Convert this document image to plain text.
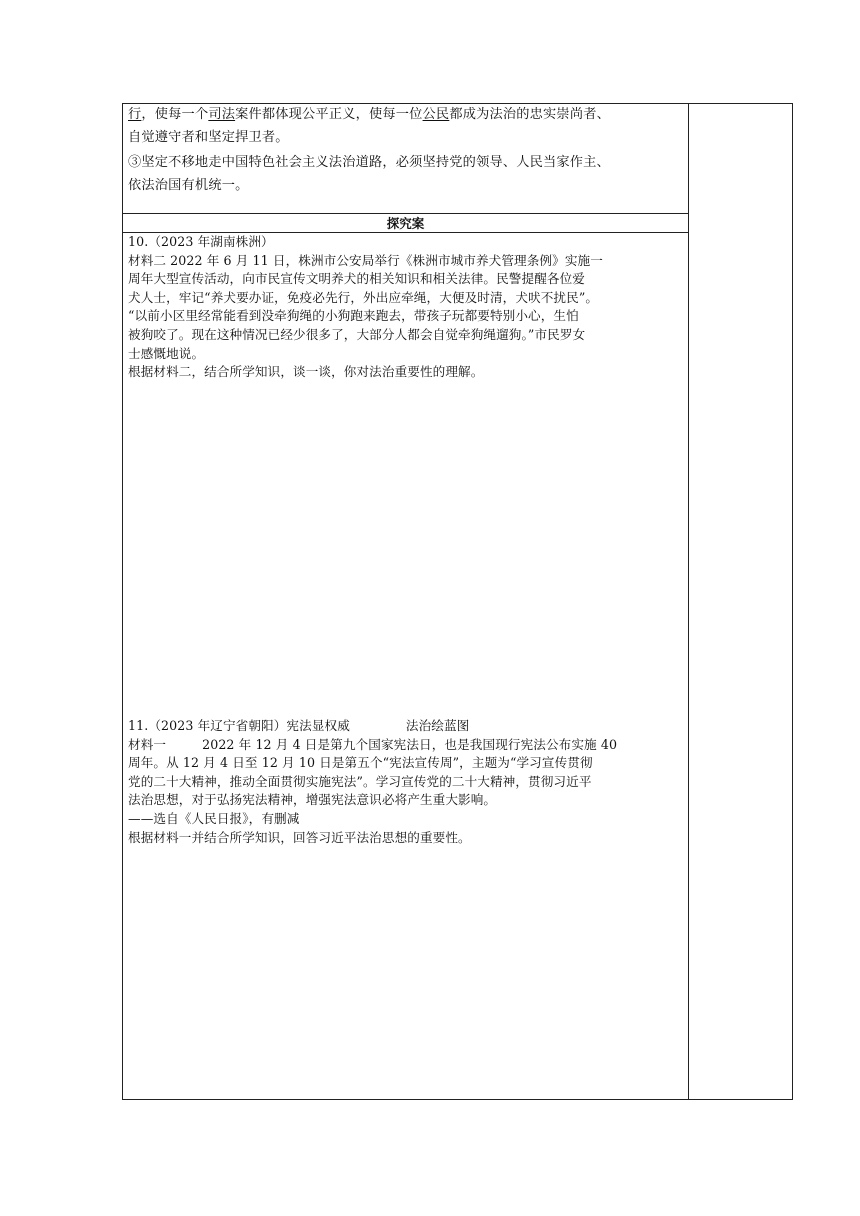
行，使每一个司法案件都体现公平正义，使每一位公民都成为法治的忠实崇尚者、

自觉遵守者和坚定捍卫者。

③坚定不移地走中国特色社会主义法治道路，必须坚持党的领导、人民当家作主、

依法治国有机统一。

探究案

10.（2023 年湖南株洲）

材料二 2022 年 6 月 11 日，株洲市公安局举行《株洲市城市养犬管理条例》实施一

周年大型宣传活动，向市民宣传文明养犬的相关知识和相关法律。民警提醒各位爱

犬人士，牢记“养犬要办证，免疫必先行，外出应牵绳，大便及时清，犬吠不扰民”。

“以前小区里经常能看到没牵狗绳的小狗跑来跑去，带孩子玩都要特别小心，生怕

被狗咬了。现在这种情况已经少很多了，大部分人都会自觉牵狗绳遛狗。”市民罗女

士感慨地说。

根据材料二，结合所学知识，谈一谈，你对法治重要性的理解。

11.（2023 年辽宁省朝阳）宪法显权威	法治绘蓝图

材料一	2022 年 12 月 4 日是第九个国家宪法日，也是我国现行宪法公布实施 40

周年。从 12 月 4 日至 12 月 10 日是第五个“宪法宣传周”，主题为“学习宣传贯彻

党的二十大精神，推动全面贯彻实施宪法”。学习宣传党的二十大精神，贯彻习近平

法治思想，对于弘扬宪法精神，增强宪法意识必将产生重大影响。

——选自《人民日报》，有删减

根据材料一并结合所学知识，回答习近平法治思想的重要性。
